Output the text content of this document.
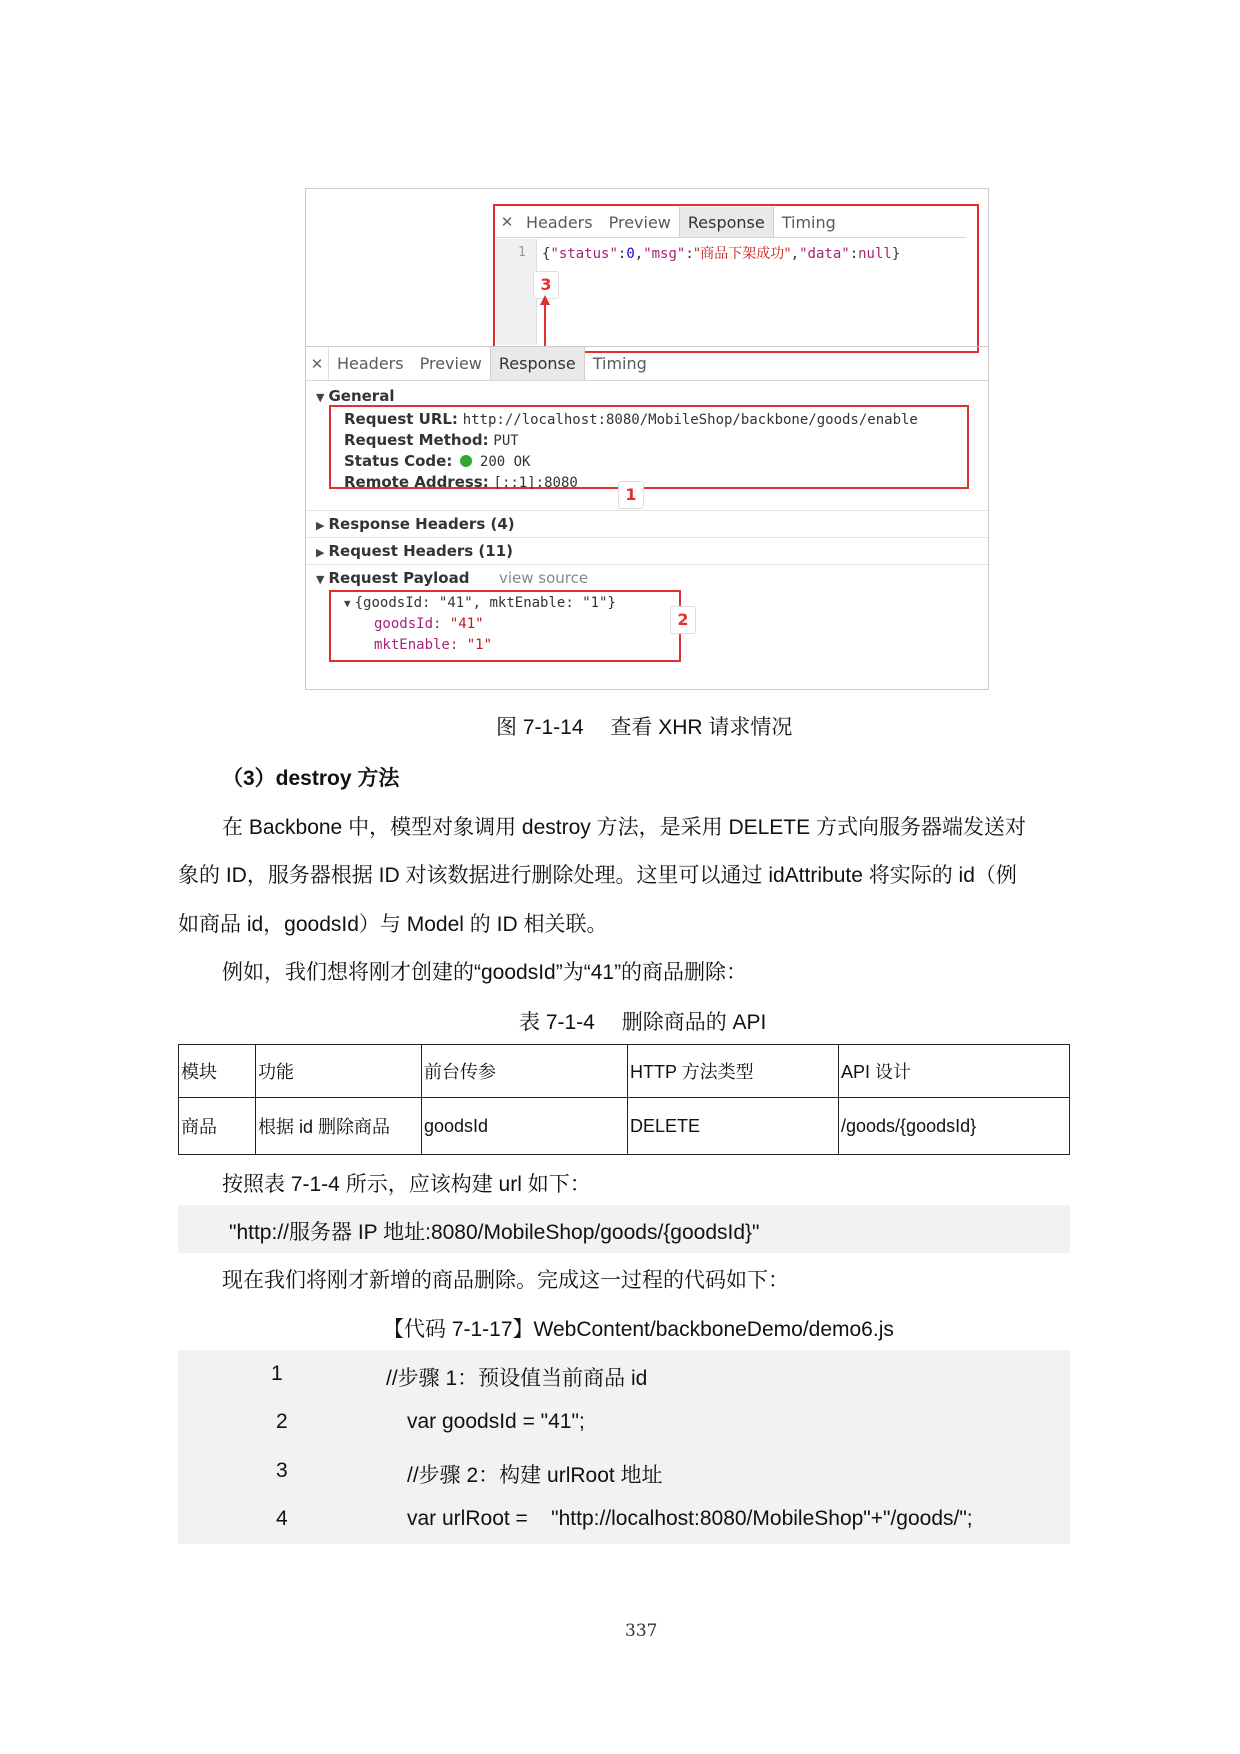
✕ Headers	Preview	Response	Timing
1 {"status":0,"msg":"商品下架成功","data":null}
3
✕ Headers	Preview	Response	Timing
▼ General
Request URL: http://localhost:8080/MobileShop/backbone/goods/enable
Request Method: PUT
Status Code: 200 OK
Remote Address: [::1]:8080
1
▶ Response Headers (4)
▶ Request Headers (11)
▼ Request Payload view source
▼ {goodsId: "41", mktEnable: "1"}
goodsId: "41"
mktEnable: "1"
2
图 7-1-14　 查看 XHR 请求情况
（3）destroy 方法
在 Backbone 中，模型对象调用 destroy 方法，是采用 DELETE 方式向服务器端发送对
象的 ID，服务器根据 ID 对该数据进行删除处理。这里可以通过 idAttribute 将实际的 id（例
如商品 id，goodsId）与 Model 的 ID 相关联。
例如，我们想将刚才创建的“goodsId”为“41”的商品删除：
表 7-1-4　 删除商品的 API
模块	功能	前台传参	HTTP 方法类型	API 设计
商品	根据 id 删除商品	goodsId	DELETE	/goods/{goodsId}
按照表 7-1-4 所示，应该构建 url 如下：
"http://服务器 IP 地址:8080/MobileShop/goods/{goodsId}"
现在我们将刚才新增的商品删除。完成这一过程的代码如下：
【代码 7-1-17】WebContent/backboneDemo/demo6.js
1	//步骤 1：预设值当前商品 id
2	var goodsId = "41";
3	//步骤 2：构建 urlRoot 地址
4	var urlRoot =    "http://localhost:8080/MobileShop"+"/goods/";
337
